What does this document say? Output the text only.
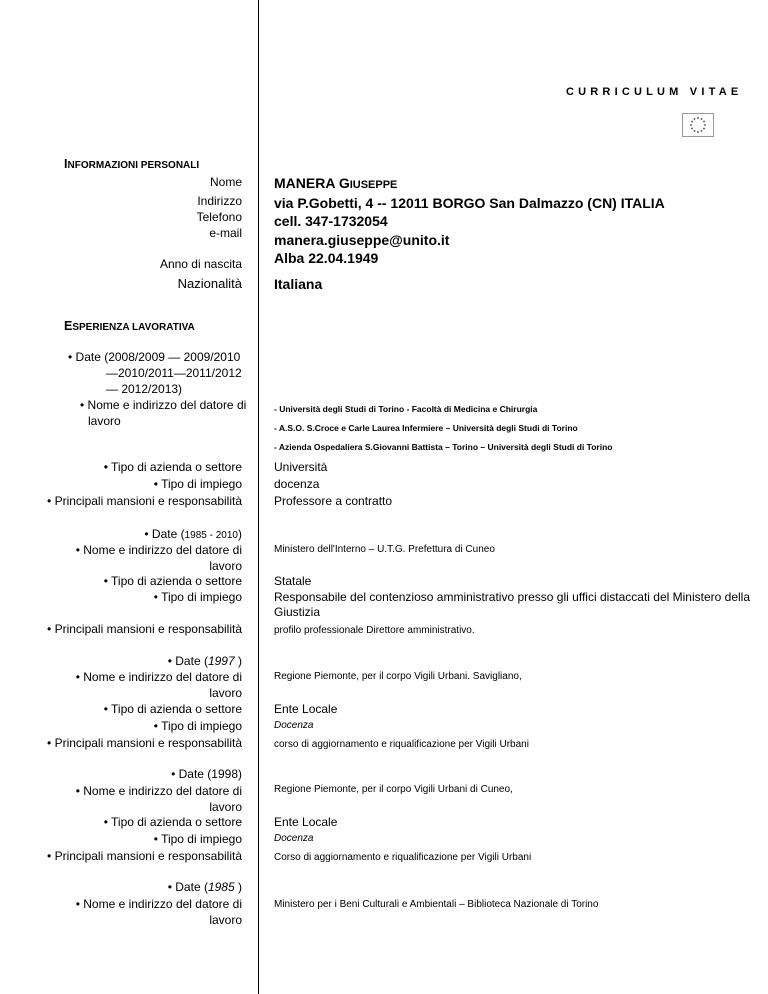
CURRICULUM VITAE
INFORMAZIONI PERSONALI
Nome
Indirizzo
Telefono
e-mail
Anno di nascita
Nazionalità
MANERA GIUSEPPE
via P.Gobetti, 4 -- 12011 BORGO San Dalmazzo (CN) ITALIA
cell. 347-1732054
manera.giuseppe@unito.it
Alba 22.04.1949
Italiana
ESPERIENZA LAVORATIVA
• Date (2008/2009 — 2009/2010
—2010/2011—2011/2012
— 2012/2013)
• Nome e indirizzo del datore di
lavoro
- Università degli Studi di Torino - Facoltà di Medicina e Chirurgia
- A.S.O. S.Croce e Carle Laurea Infermiere – Università degli Studi di Torino
- Azienda Ospedaliera S.Giovanni Battista – Torino – Università degli Studi di Torino
• Tipo di azienda o settore
• Tipo di impiego
• Principali mansioni e responsabilità
Università
docenza
Professore a contratto
• Date (1985 - 2010)
• Nome e indirizzo del datore di
lavoro
• Tipo di azienda o settore
• Tipo di impiego
• Principali mansioni e responsabilità
Ministero dell'Interno – U.T.G. Prefettura di Cuneo
Statale
Responsabile del contenzioso amministrativo presso gli uffici distaccati del Ministero della
Giustizia
profilo professionale Direttore amministrativo.
• Date (1997 )
• Nome e indirizzo del datore di
lavoro
• Tipo di azienda o settore
• Tipo di impiego
• Principali mansioni e responsabilità
Regione Piemonte, per il corpo Vigili Urbani. Savigliano,
Ente Locale
Docenza
corso di aggiornamento e riqualificazione per Vigili Urbani
• Date (1998)
• Nome e indirizzo del datore di
lavoro
• Tipo di azienda o settore
• Tipo di impiego
• Principali mansioni e responsabilità
Regione Piemonte, per il corpo Vigili Urbani di Cuneo,
Ente Locale
Docenza
Corso di aggiornamento e riqualificazione per Vigili Urbani
• Date (1985 )
• Nome e indirizzo del datore di
lavoro
Ministero per i Beni Culturali e Ambientali – Biblioteca Nazionale di Torino
